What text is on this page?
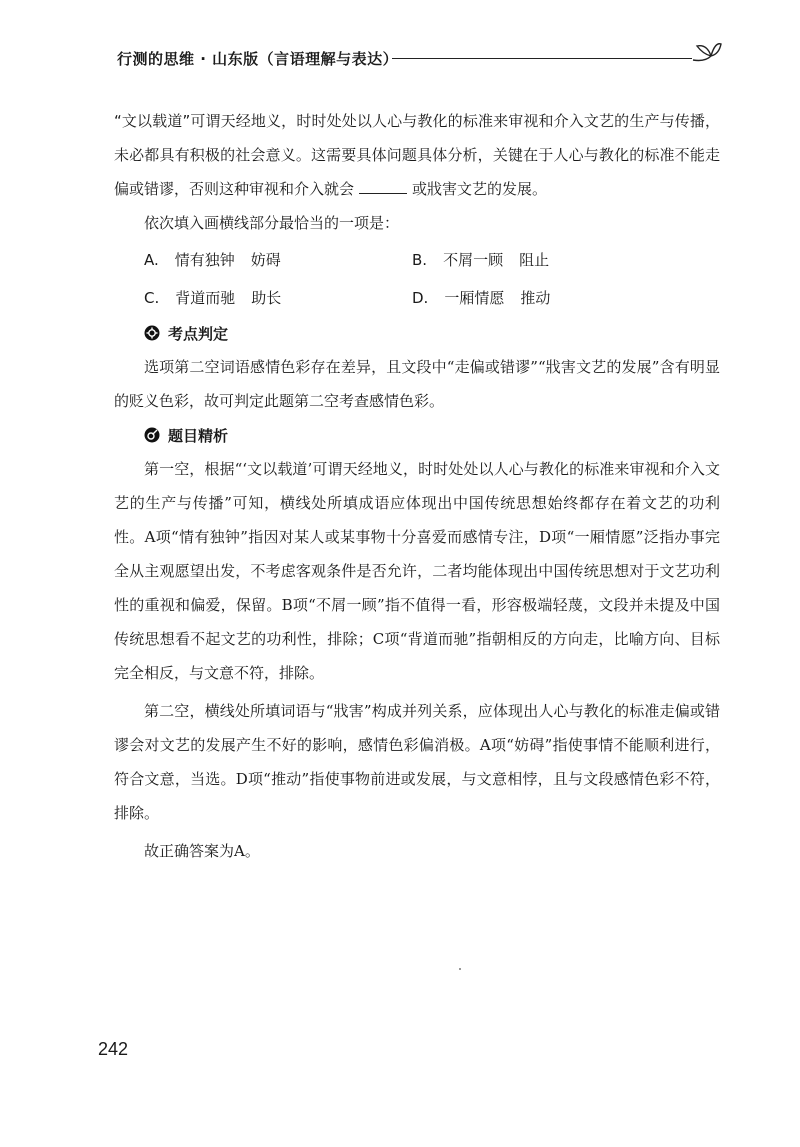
行测的思维 · 山东版（言语理解与表达）

“文以载道”可谓天经地义，时时处处以人心与教化的标准来审视和介入文艺的生产与传播，未必都具有积极的社会意义。这需要具体问题具体分析，关键在于人心与教化的标准不能走偏或错谬，否则这种审视和介入就会	或戕害文艺的发展。

依次填入画横线部分最恰当的一项是：

A. 情有独钟 妨碍	B. 不屑一顾 阻止
C. 背道而驰 助长	D. 一厢情愿 推动
考点判定

选项第二空词语感情色彩存在差异，且文段中“走偏或错谬”“戕害文艺的发展”含有明显的贬义色彩，故可判定此题第二空考查感情色彩。

题目精析

第一空，根据“‘文以载道’可谓天经地义，时时处处以人心与教化的标准来审视和介入文艺的生产与传播”可知，横线处所填成语应体现出中国传统思想始终都存在着文艺的功利性。A项“情有独钟”指因对某人或某事物十分喜爱而感情专注，D项“一厢情愿”泛指办事完全从主观愿望出发，不考虑客观条件是否允许，二者均能体现出中国传统思想对于文艺功利性的重视和偏爱，保留。B项“不屑一顾”指不值得一看，形容极端轻蔑，文段并未提及中国传统思想看不起文艺的功利性，排除；C项“背道而驰”指朝相反的方向走，比喻方向、目标完全相反，与文意不符，排除。

第二空，横线处所填词语与“戕害”构成并列关系，应体现出人心与教化的标准走偏或错谬会对文艺的发展产生不好的影响，感情色彩偏消极。A项“妨碍”指使事情不能顺利进行，符合文意，当选。D项“推动”指使事物前进或发展，与文意相悖，且与文段感情色彩不符，排除。

故正确答案为A。

242
